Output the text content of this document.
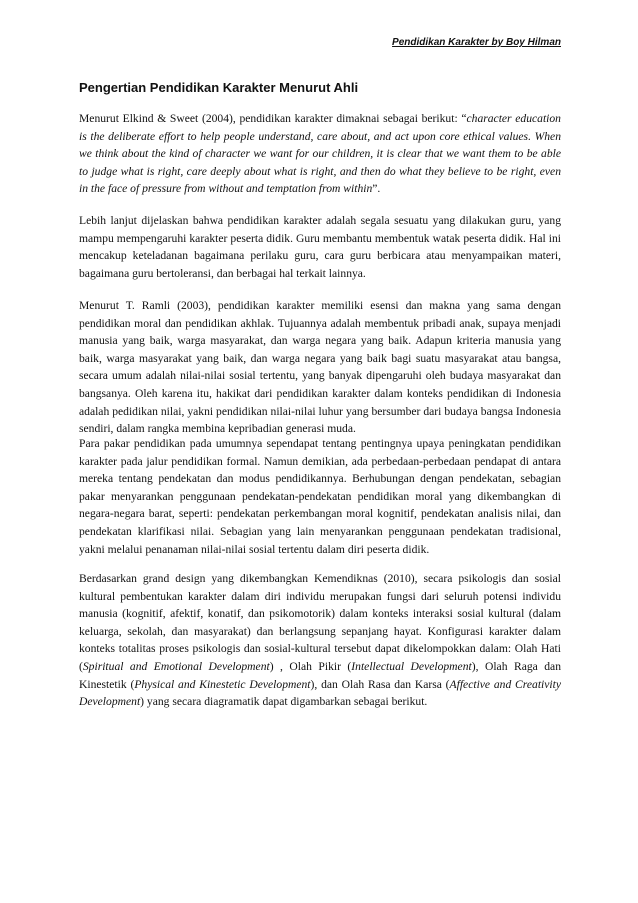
Pendidikan Karakter by Boy Hilman
Pengertian Pendidikan Karakter Menurut Ahli

Menurut Elkind & Sweet (2004), pendidikan karakter dimaknai sebagai berikut: “character education is the deliberate effort to help people understand, care about, and act upon core ethical values. When we think about the kind of character we want for our children, it is clear that we want them to be able to judge what is right, care deeply about what is right, and then do what they believe to be right, even in the face of pressure from without and temptation from within”.

Lebih lanjut dijelaskan bahwa pendidikan karakter adalah segala sesuatu yang dilakukan guru, yang mampu mempengaruhi karakter peserta didik. Guru membantu membentuk watak peserta didik. Hal ini mencakup keteladanan bagaimana perilaku guru, cara guru berbicara atau menyampaikan materi, bagaimana guru bertoleransi, dan berbagai hal terkait lainnya.

Menurut T. Ramli (2003), pendidikan karakter memiliki esensi dan makna yang sama dengan pendidikan moral dan pendidikan akhlak. Tujuannya adalah membentuk pribadi anak, supaya menjadi manusia yang baik, warga masyarakat, dan warga negara yang baik. Adapun kriteria manusia yang baik, warga masyarakat yang baik, dan warga negara yang baik bagi suatu masyarakat atau bangsa, secara umum adalah nilai-nilai sosial tertentu, yang banyak dipengaruhi oleh budaya masyarakat dan bangsanya. Oleh karena itu, hakikat dari pendidikan karakter dalam konteks pendidikan di Indonesia adalah pedidikan nilai, yakni pendidikan nilai-nilai luhur yang bersumber dari budaya bangsa Indonesia sendiri, dalam rangka membina kepribadian generasi muda.

Para pakar pendidikan pada umumnya sependapat tentang pentingnya upaya peningkatan pendidikan karakter pada jalur pendidikan formal. Namun demikian, ada perbedaan-perbedaan pendapat di antara mereka tentang pendekatan dan modus pendidikannya. Berhubungan dengan pendekatan, sebagian pakar menyarankan penggunaan pendekatan-pendekatan pendidikan moral yang dikembangkan di negara-negara barat, seperti: pendekatan perkembangan moral kognitif, pendekatan analisis nilai, dan pendekatan klarifikasi nilai. Sebagian yang lain menyarankan penggunaan pendekatan tradisional, yakni melalui penanaman nilai-nilai sosial tertentu dalam diri peserta didik.

Berdasarkan grand design yang dikembangkan Kemendiknas (2010), secara psikologis dan sosial kultural pembentukan karakter dalam diri individu merupakan fungsi dari seluruh potensi individu manusia (kognitif, afektif, konatif, dan psikomotorik) dalam konteks interaksi sosial kultural (dalam keluarga, sekolah, dan masyarakat) dan berlangsung sepanjang hayat. Konfigurasi karakter dalam konteks totalitas proses psikologis dan sosial-kultural tersebut dapat dikelompokkan dalam: Olah Hati (Spiritual and Emotional Development) , Olah Pikir (Intellectual Development), Olah Raga dan Kinestetik (Physical and Kinestetic Development), dan Olah Rasa dan Karsa (Affective and Creativity Development) yang secara diagramatik dapat digambarkan sebagai berikut.
